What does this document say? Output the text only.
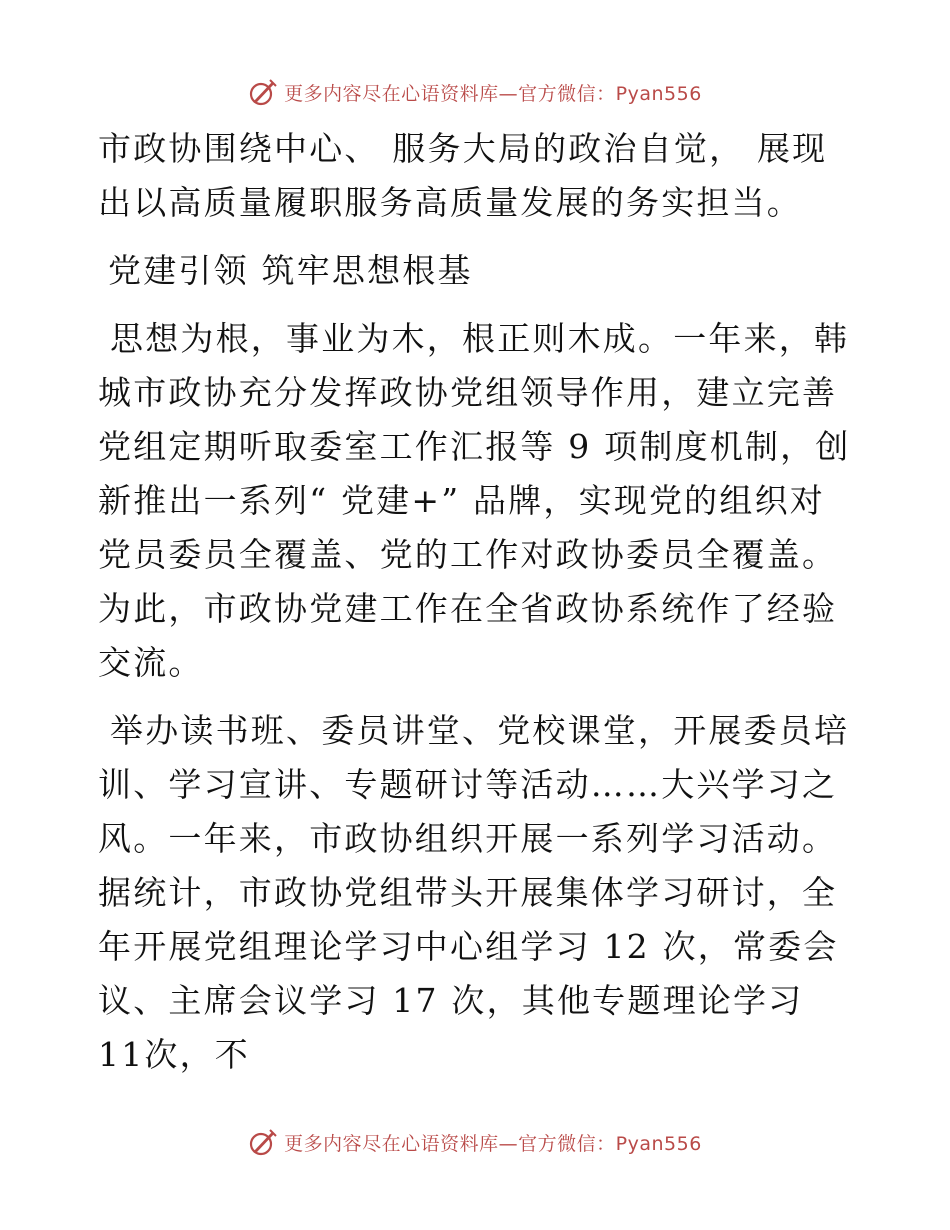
更多内容尽在心语资料库—官方微信：Pyan556

市政协围绕中心、 服务大局的政治自觉， 展现出以高质量履职服务高质量发展的务实担当。

党建引领 筑牢思想根基

思想为根，事业为木，根正则木成。一年来，韩城市政协充分发挥政协党组领导作用，建立完善党组定期听取委室工作汇报等 9 项制度机制，创新推出一系列“ 党建+” 品牌，实现党的组织对党员委员全覆盖、党的工作对政协委员全覆盖。为此，市政协党建工作在全省政协系统作了经验交流。

举办读书班、委员讲堂、党校课堂，开展委员培训、学习宣讲、专题研讨等活动……大兴学习之风。一年来，市政协组织开展一系列学习活动。据统计，市政协党组带头开展集体学习研讨，全年开展党组理论学习中心组学习 12 次，常委会议、主席会议学习 17 次，其他专题理论学习 11次，不

更多内容尽在心语资料库—官方微信：Pyan556
